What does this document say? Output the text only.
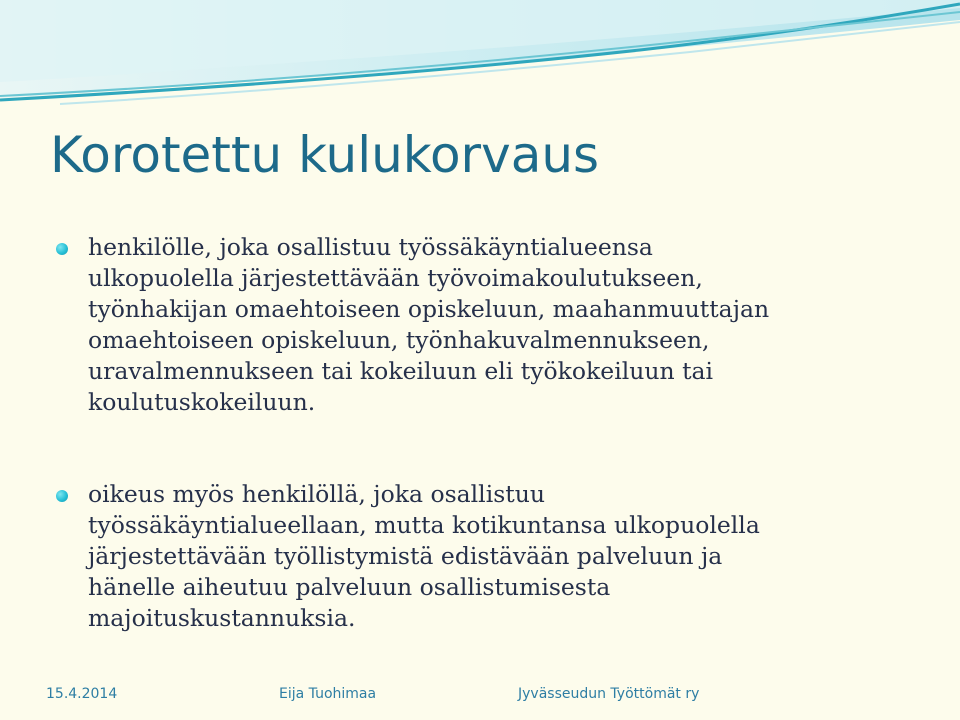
Korotettu kulukorvaus
henkilölle, joka osallistuu työssäkäyntialueensa
ulkopuolella järjestettävään työvoimakoulutukseen,
työnhakijan omaehtoiseen opiskeluun, maahanmuuttajan
omaehtoiseen opiskeluun, työnhakuvalmennukseen,
uravalmennukseen tai kokeiluun eli työkokeiluun tai
koulutuskokeiluun.
oikeus myös henkilöllä, joka osallistuu
työssäkäyntialueellaan, mutta kotikuntansa ulkopuolella
järjestettävään työllistymistä edistävään palveluun ja
hänelle aiheutuu palveluun osallistumisesta
majoituskustannuksia.
15.4.2014	Eija Tuohimaa	Jyvässeudun Työttömät ry
